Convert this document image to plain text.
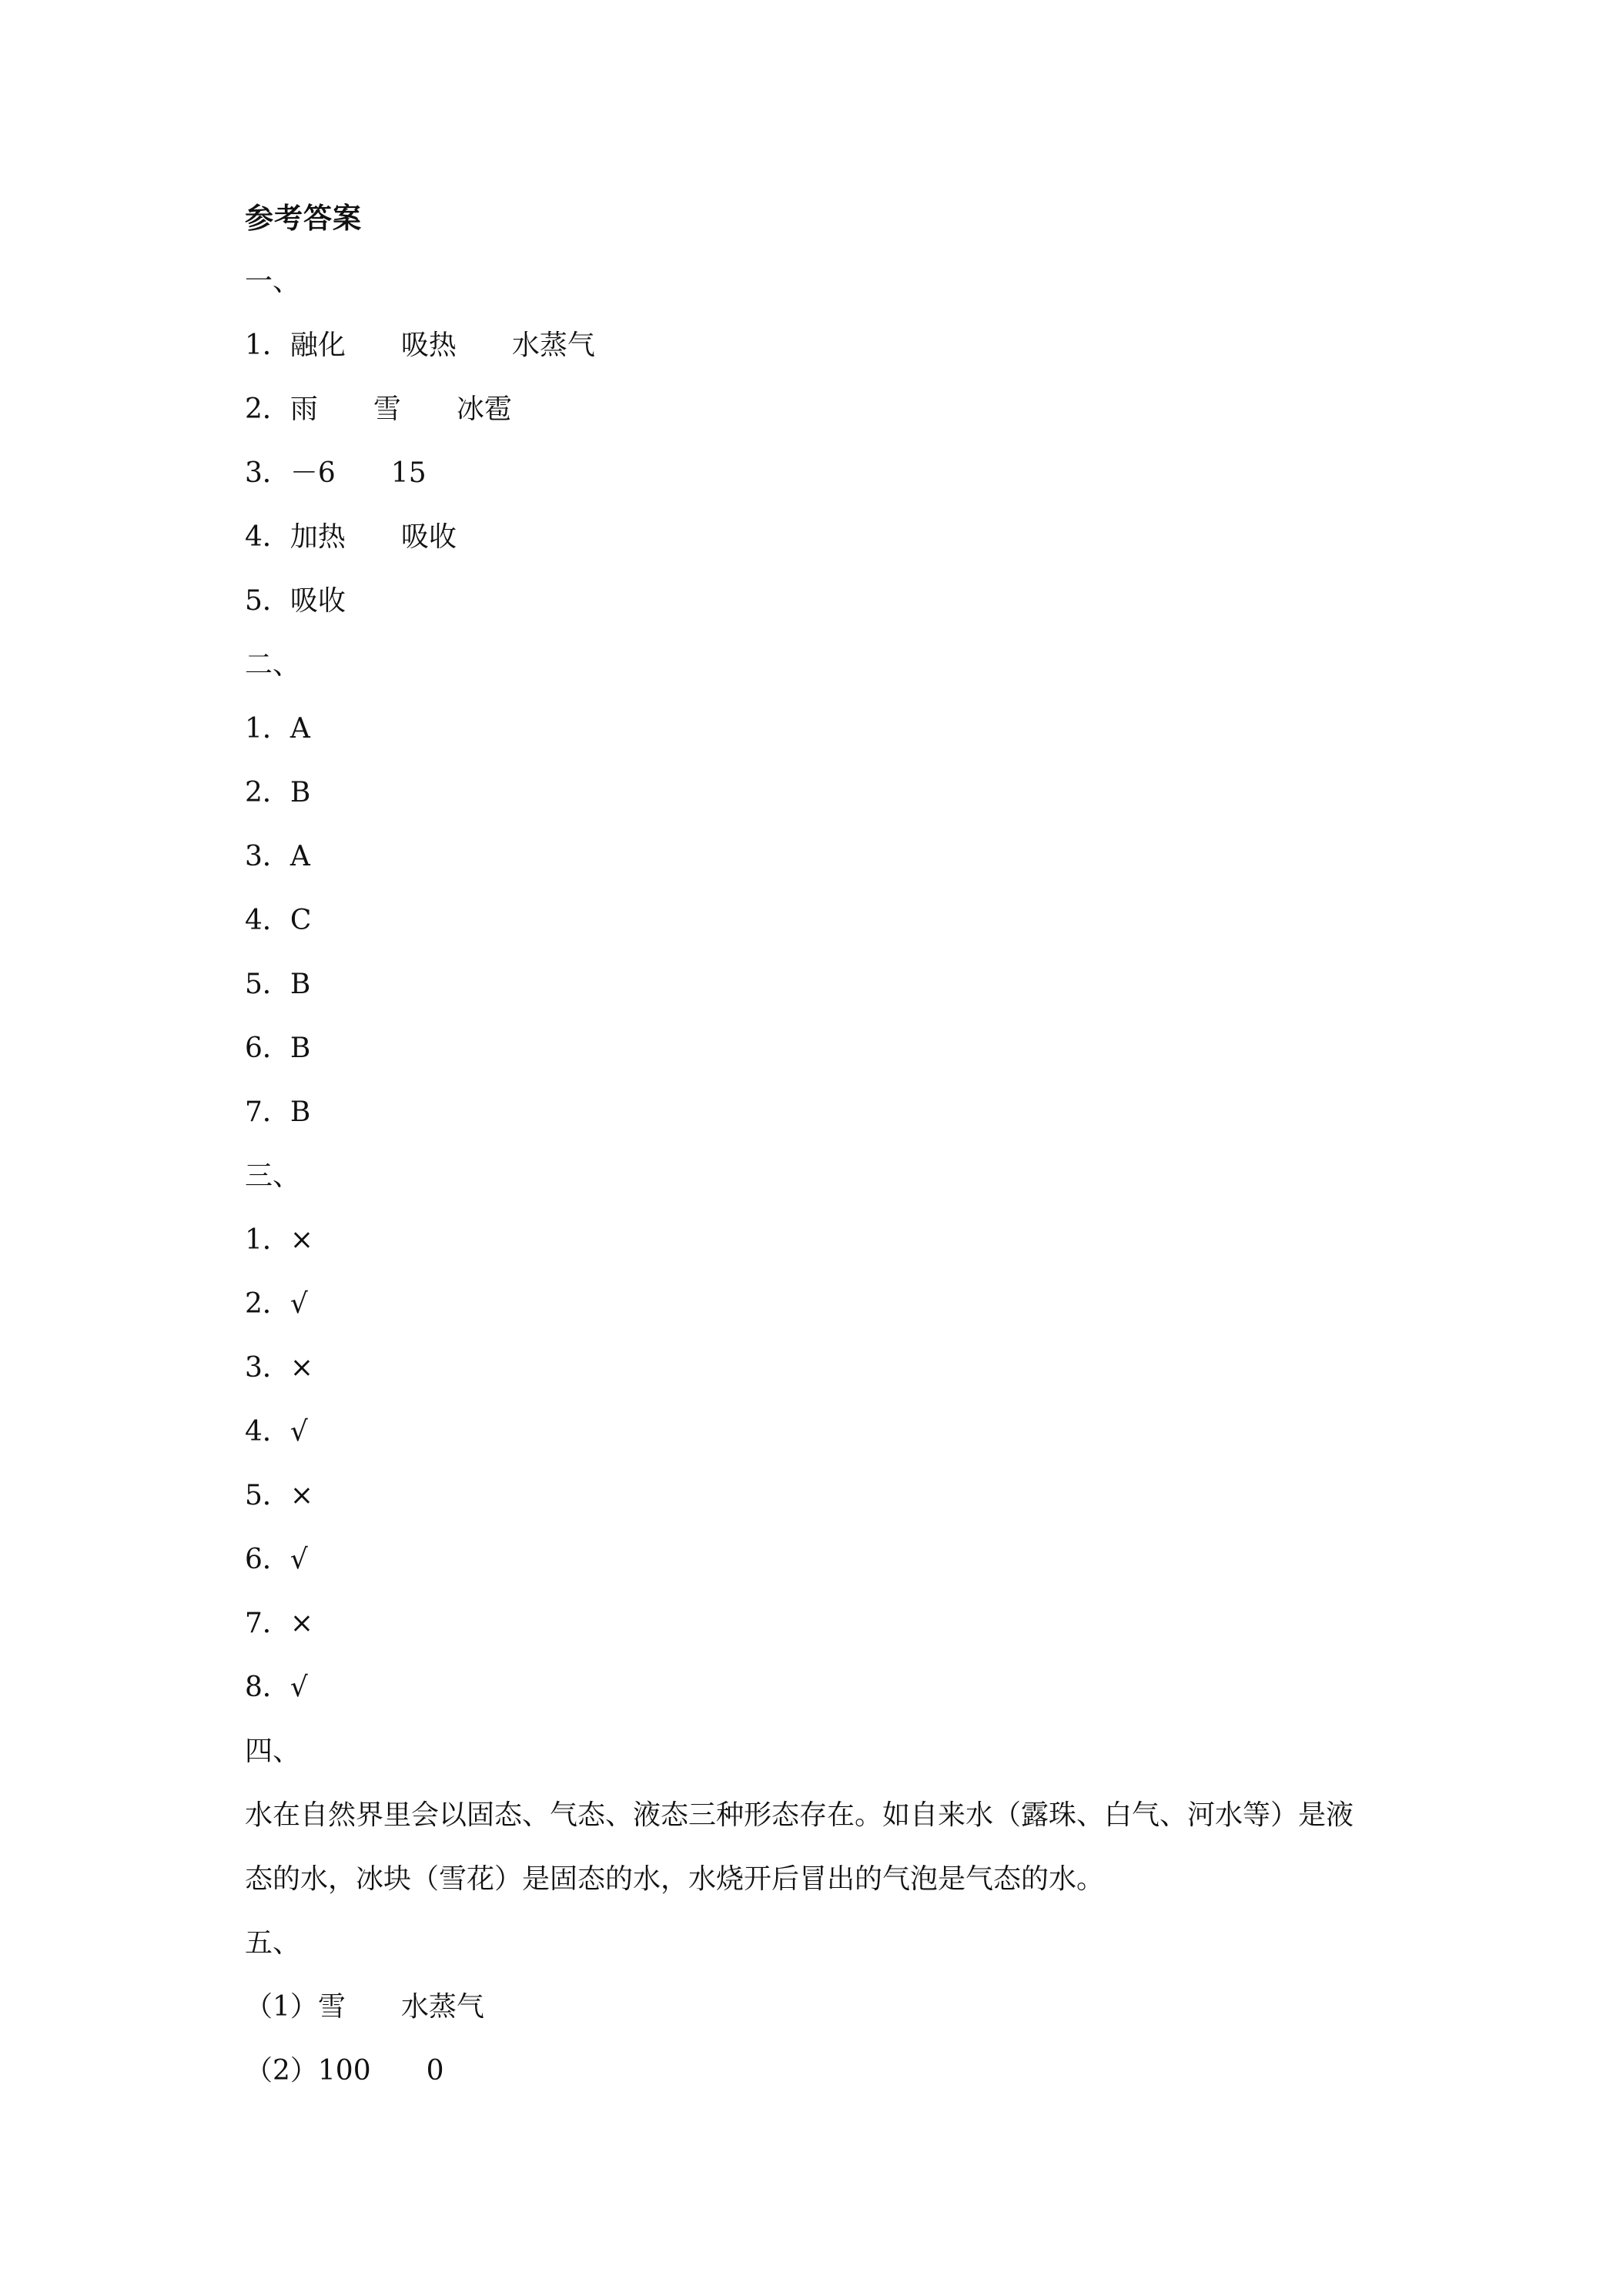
参考答案
一、
1．融化　　吸热　　水蒸气
2．雨　　雪　　冰雹
3．－6　　15
4．加热　　吸收
5．吸收
二、
1．A
2．B
3．A
4．C
5．B
6．B
7．B
三、
1．×
2．√
3．×
4．√
5．×
6．√
7．×
8．√
四、
水在自然界里会以固态、气态、液态三种形态存在。如自来水（露珠、白气、河水等）是液
态的水，冰块（雪花）是固态的水，水烧开后冒出的气泡是气态的水。
五、
（1）雪　　水蒸气
（2）100　　0
